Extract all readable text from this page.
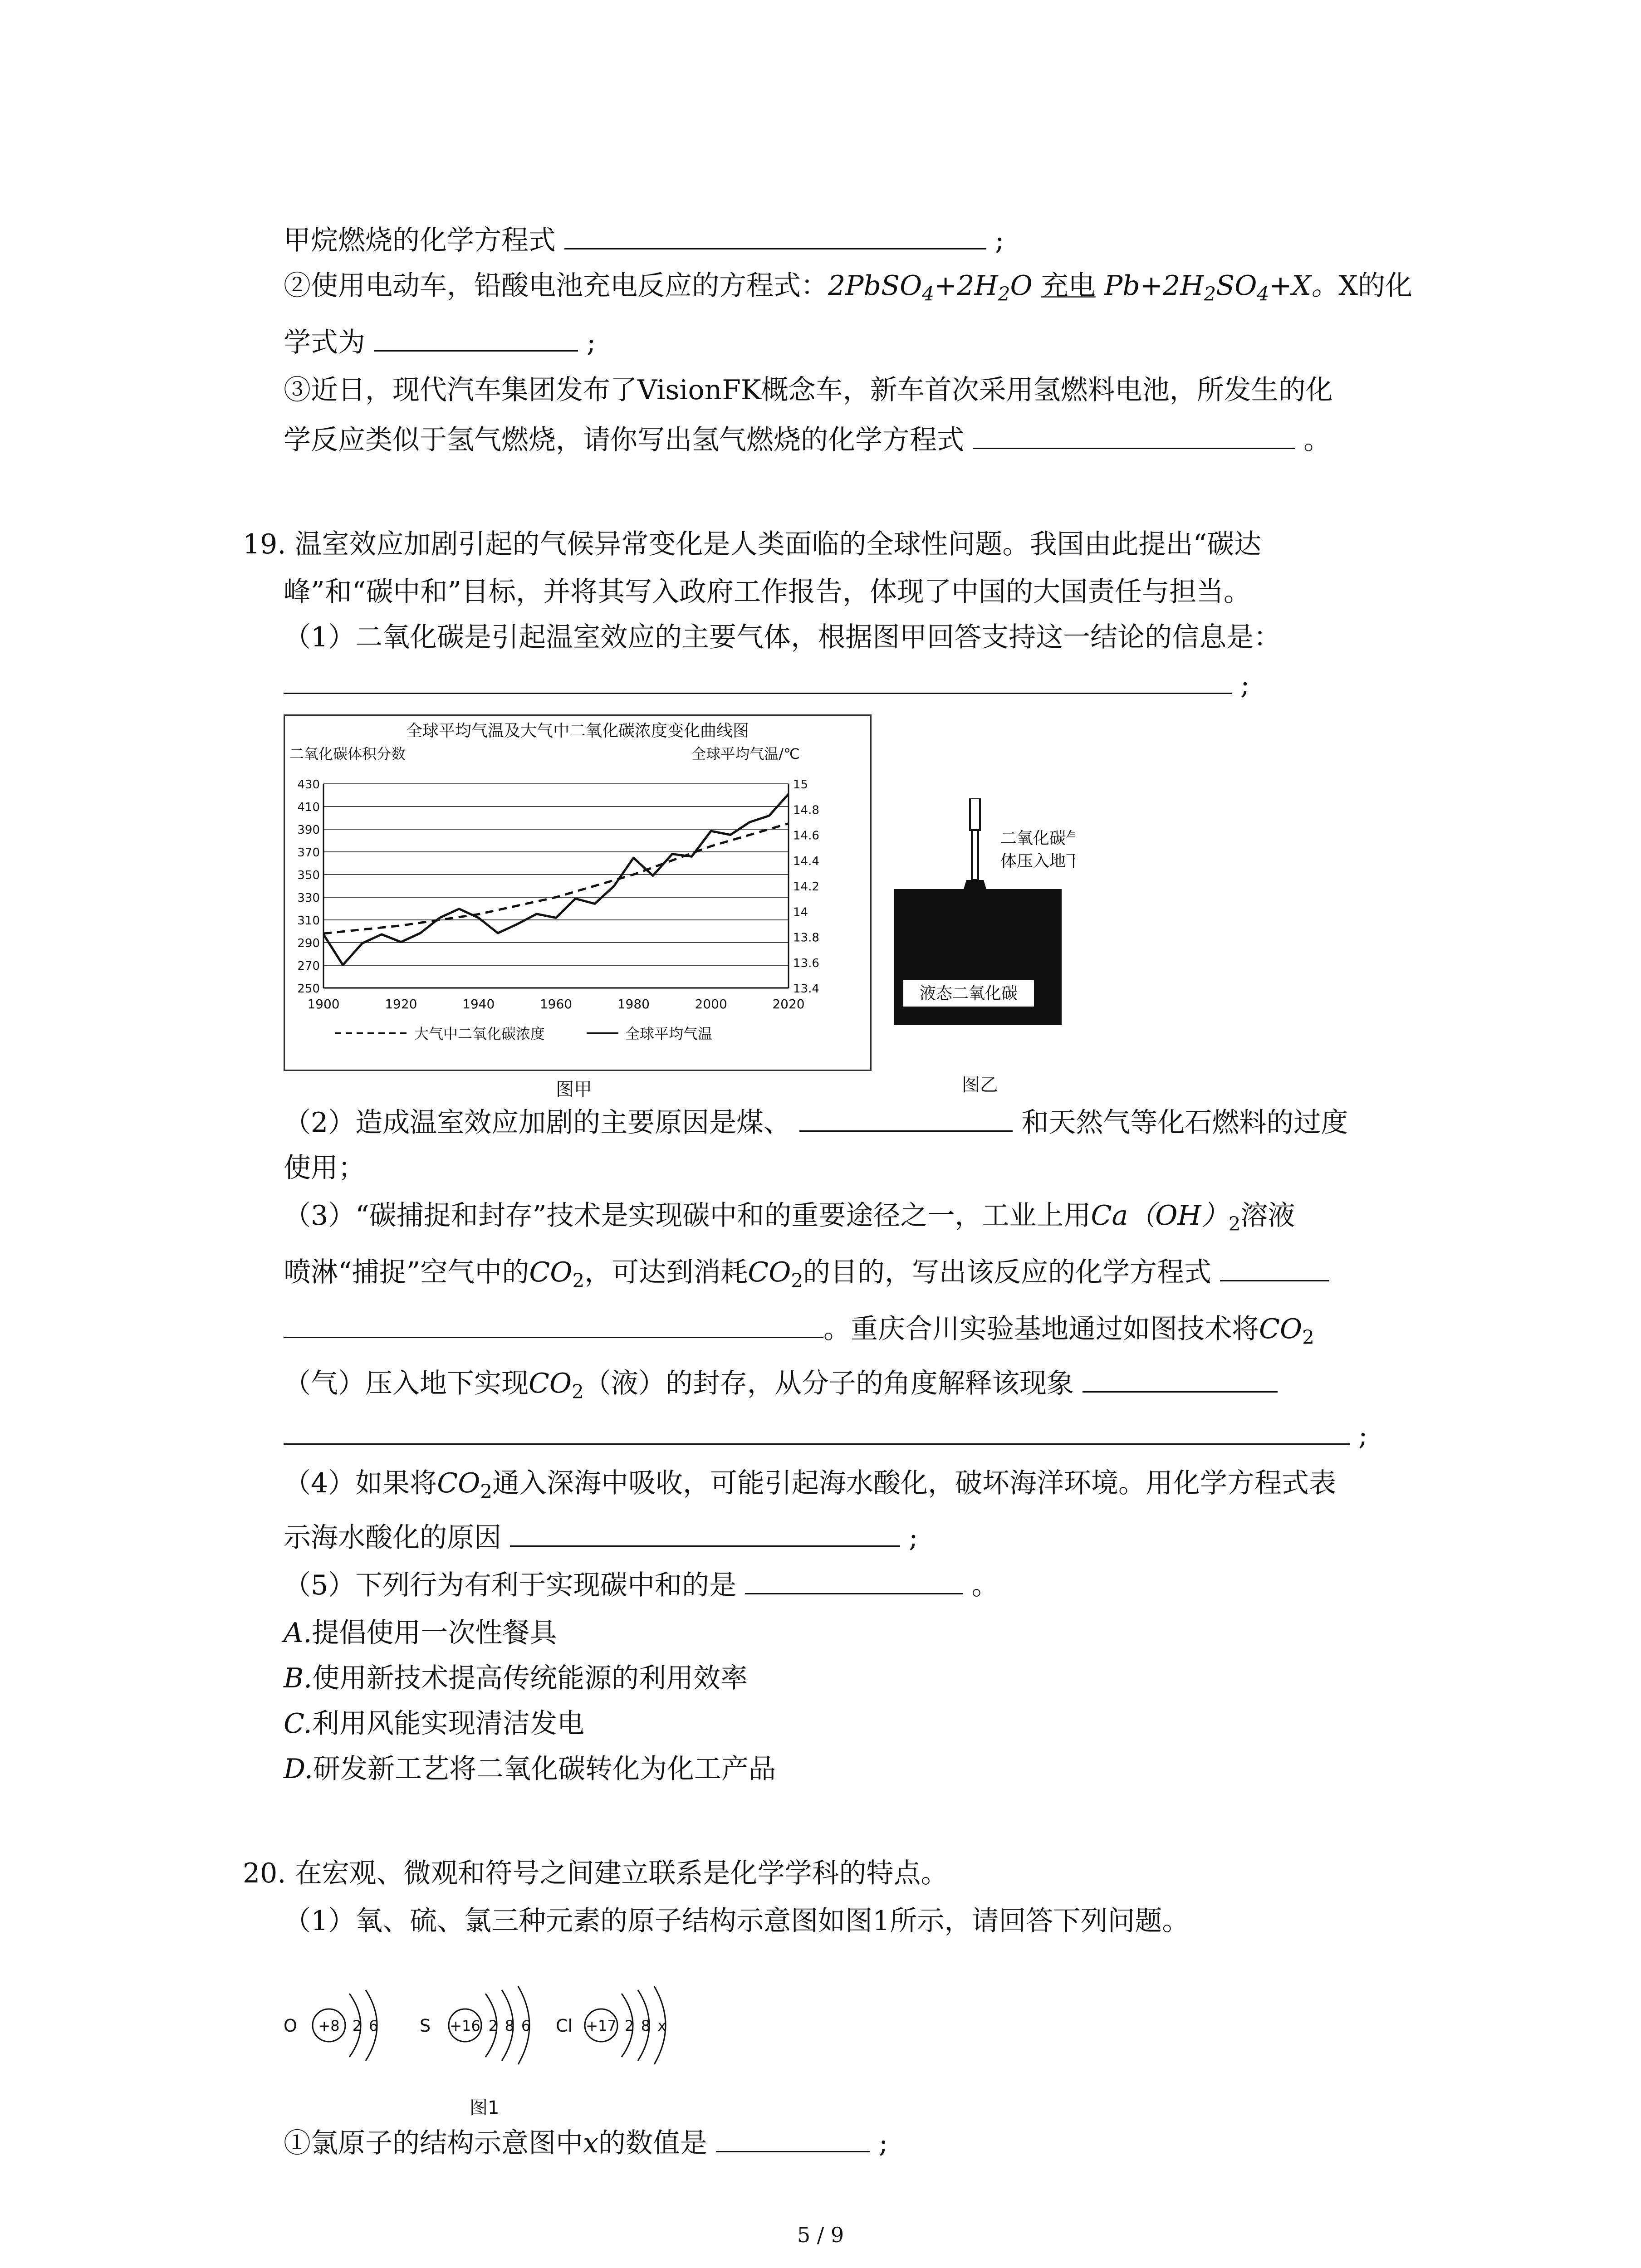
甲烷燃烧的化学方程式	;
②使用电动车，铅酸电池充电反应的方程式：$2PbSO_4+2H_2O$ 充电 $Pb+2H_2SO_4+X$。X的化
学式为	;
③近日，现代汽车集团发布了VisionFK概念车，新车首次采用氢燃料电池，所发生的化
学反应类似于氢气燃烧，请你写出氢气燃烧的化学方程式	。
19. 温室效应加剧引起的气候异常变化是人类面临的全球性问题。我国由此提出“碳达
峰”和“碳中和”目标，并将其写入政府工作报告，体现了中国的大国责任与担当。
（1）二氧化碳是引起温室效应的主要气体，根据图甲回答支持这一结论的信息是：
;
全球平均气温及大气中二氧化碳浓度变化曲线图
二氧化碳体积分数	全球平均气温/℃
250
270
290
310
330
350
370
390
410
430
13.4
13.6
13.8
14
14.2
14.4
14.6
14.8
15
1900	1920	1940	1960	1980	2000	2020
大气中二氧化碳浓度	全球平均气温
图甲
液态二氧化碳
二氧化碳气
体压入地下
图乙
（2）造成温室效应加剧的主要原因是煤、	和天然气等化石燃料的过度
使用；
（3）“碳捕捉和封存”技术是实现碳中和的重要途径之一，工业上用$Ca(OH)_2$溶液
喷淋“捕捉”空气中的$CO_2$，可达到消耗$CO_2$的目的，写出该反应的化学方程式
。重庆合川实验基地通过如图技术将$CO_2$
（气）压入地下实现$CO_2$（液）的封存，从分子的角度解释该现象
;
（4）如果将$CO_2$通入深海中吸收，可能引起海水酸化，破坏海洋环境。用化学方程式表
示海水酸化的原因	;
（5）下列行为有利于实现碳中和的是	。
A.提倡使用一次性餐具
B.使用新技术提高传统能源的利用效率
C.利用风能实现清洁发电
D.研发新工艺将二氧化碳转化为化工产品
20. 在宏观、微观和符号之间建立联系是化学学科的特点。
（1）氧、硫、氯三种元素的原子结构示意图如图1所示，请回答下列问题。
O +8 2 6 S +16 2 8 6 Cl +17 2 8 x
图1
①氯原子的结构示意图中x的数值是	;
5 / 9
